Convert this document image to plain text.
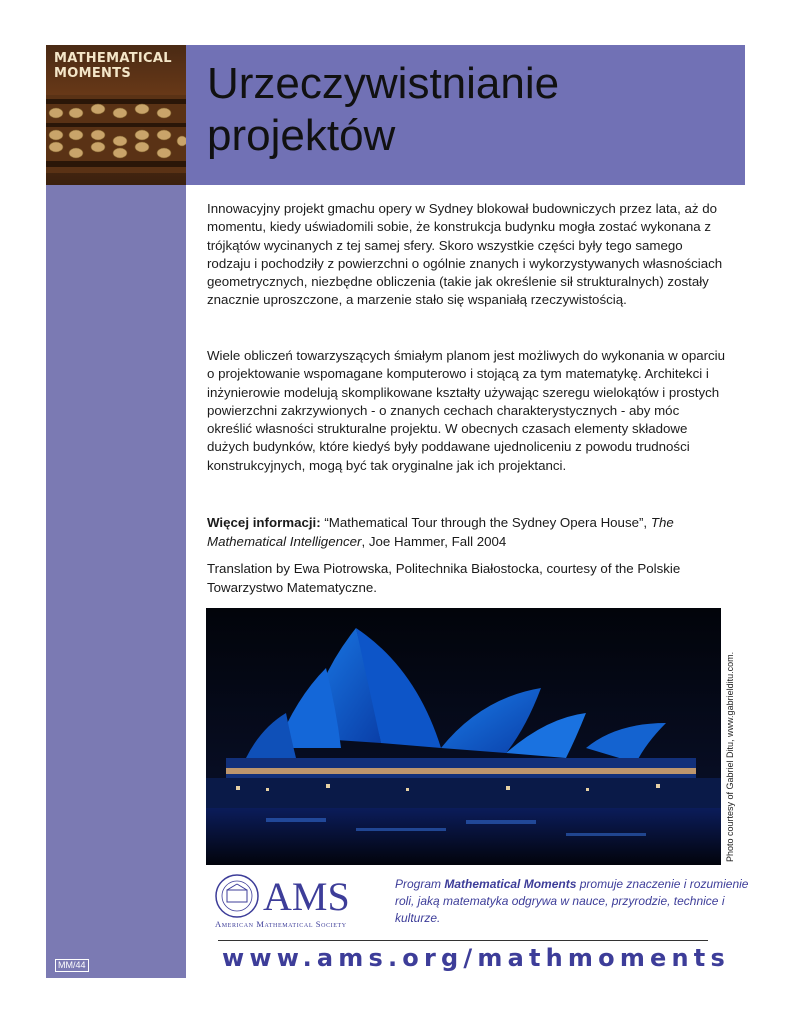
MATHEMATICAL
MOMENTS	Urzeczywistnianie
projektów
Innowacyjny projekt gmachu opery w Sydney blokował budowniczych przez lata, aż do momentu, kiedy uświadomili sobie, że konstrukcja budynku mogła zostać wykonana z trójkątów wycinanych z tej samej sfery. Skoro wszystkie części były tego samego rodzaju i pochodziły z powierzchni o ogólnie znanych i wykorzystywanych własnościach geometrycznych, niezbędne obliczenia (takie jak określenie sił strukturalnych) zostały znacznie uproszczone, a marzenie stało się wspaniałą rzeczywistością.
Wiele obliczeń towarzyszących śmiałym planom jest możliwych do wykonania w oparciu o projektowanie wspomagane komputerowo i stojącą za tym matematykę. Architekci i inżynierowie modelują skomplikowane kształty używając szeregu wielokątów i prostych powierzchni zakrzywionych - o znanych cechach charakterystycznych - aby móc określić własności strukturalne projektu. W obecnych czasach elementy składowe dużych budynków, które kiedyś były poddawane ujednoliceniu z powodu trudności konstrukcyjnych, mogą być tak oryginalne jak ich projektanci.
Więcej informacji: “Mathematical Tour through the Sydney Opera House”, The Mathematical Intelligencer, Joe Hammer, Fall 2004
Translation by Ewa Piotrowska, Politechnika Białostocka, courtesy of the Polskie Towarzystwo Matematyczne.
Photo courtesy of Gabriel Ditu, www.gabrielditu.com.
AMS
American Mathematical Society
Program Mathematical Moments promuje znaczenie i rozumienie roli, jaką matematyka odgrywa w nauce, przyrodzie, technice i kulturze.
www.ams.org/mathmoments
MM/44
